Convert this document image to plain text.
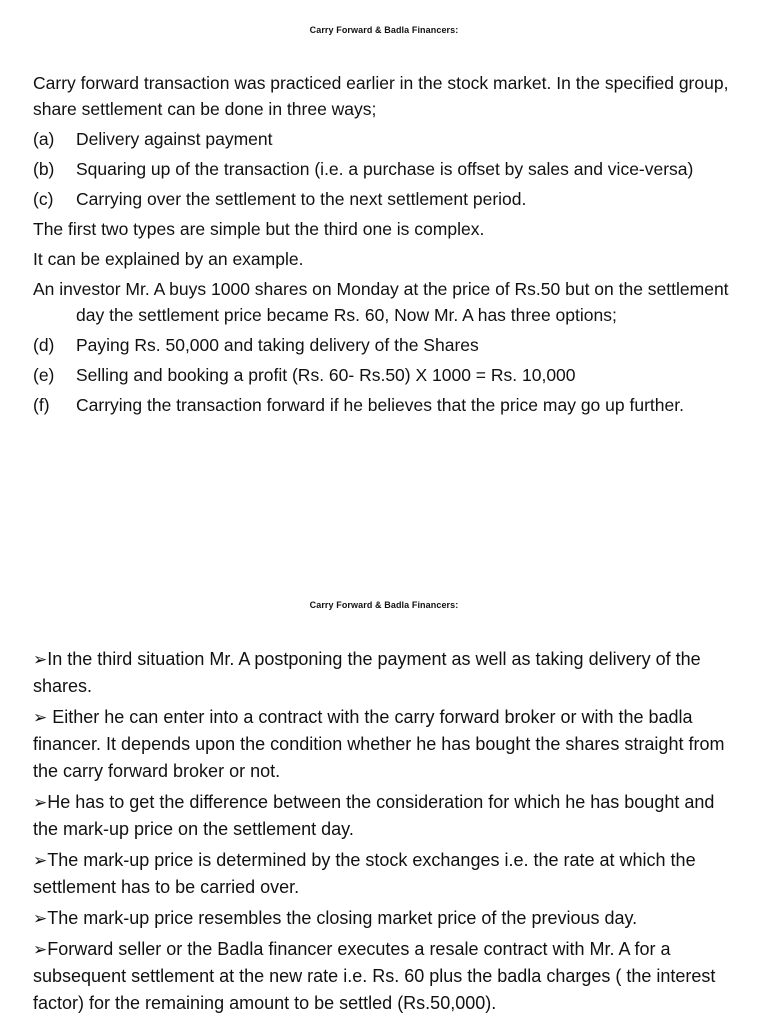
Carry Forward & Badla Financers:

Carry forward transaction was practiced earlier in the stock market. In the specified group, share settlement can be done in three ways;

(a)	Delivery against payment
(b)	Squaring up of the transaction (i.e. a purchase is offset by sales and vice-versa)
(c)	Carrying over the settlement to the next settlement period.

The first two types are simple but the third one is complex.

It can be explained by an example.

An investor Mr. A buys 1000 shares on Monday at the price of Rs.50 but on the settlement day the settlement price became Rs. 60, Now Mr. A has three options;

(d)	Paying Rs. 50,000 and taking delivery of the Shares
(e)	Selling and booking a profit (Rs. 60- Rs.50) X 1000 = Rs. 10,000
(f)	Carrying the transaction forward if he believes that the price may go up further.
Carry Forward & Badla Financers:

➢In the third situation Mr. A postponing the payment as well as taking delivery of the shares.

➢ Either he can enter into a contract with the carry forward broker or with the badla financer. It depends upon the condition whether he has bought the shares straight from the carry forward broker or not.

➢He has to get the difference between the consideration for which he has bought and the mark-up price on the settlement day.

➢The mark-up price is determined by the stock exchanges i.e. the rate at which the settlement has to be carried over.

➢The mark-up price resembles the closing market price of the previous day.

➢Forward seller or the Badla financer executes a resale contract with Mr. A for a subsequent settlement at the new rate i.e. Rs. 60 plus the badla charges ( the interest factor) for the remaining amount to be settled (Rs.50,000).
